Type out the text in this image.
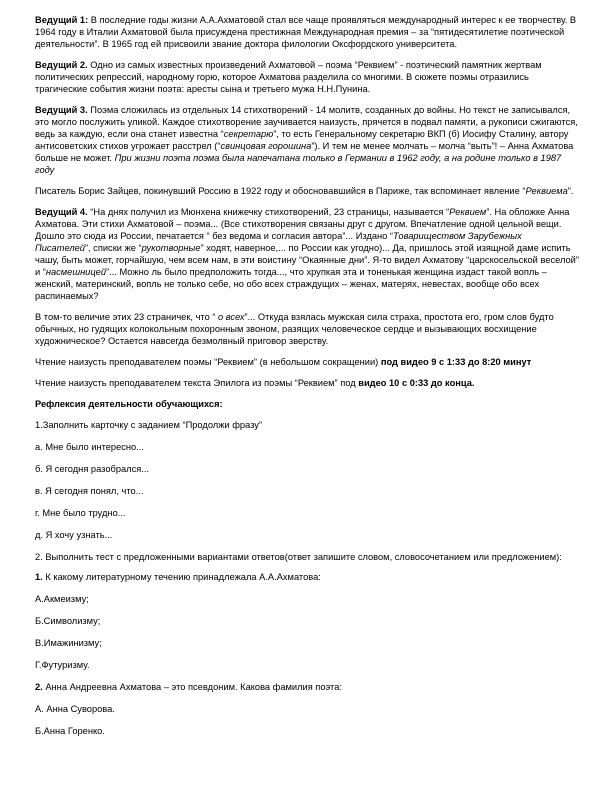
Ведущий 1: В последние годы жизни А.А.Ахматовой стал все чаще проявляться международный интерес к ее творчеству. В 1964 году в Италии Ахматовой была присуждена престижная Международная премия – за “пятидесятилетие поэтической деятельности”. В 1965 год ей присвоили звание доктора филологии Оксфордского университета.

Ведущий 2. Одно из самых известных произведений Ахматовой – поэма “Реквием” - поэтический памятник жертвам политических репрессий, народному горю, которое Ахматова разделила со многими. В сюжете поэмы отразились трагические события жизни поэта: аресты сына и третьего мужа Н.Н.Пунина.

Ведущий 3. Поэма сложилась из отдельных 14 стихотворений - 14 молитв, созданных до войны. Но текст не записывался, это могло послужить уликой. Каждое стихотворение заучивается наизусть, прячется в подвал памяти, а рукописи сжигаются, ведь за каждую, если она станет известна “секретарю”, то есть Генеральному секретарю ВКП (б) Иосифу Сталину, автору антисоветских стихов угрожает расстрел (“свинцовая горошина”). И тем не менее молчать – молча “выть”! – Анна Ахматова больше не может. При жизни поэта поэма была напечатана только в Германии в 1962 году, а на родине только в 1987 году

Писатель Борис Зайцев, покинувший Россию в 1922 году и обосновавшийся в Париже, так вспоминает явление “Реквиема”.

Ведущий 4. “На днях получил из Мюнхена книжечку стихотворений, 23 страницы, называется “Реквием”. На обложке Анна Ахматова. Эти стихи Ахматовой – поэма... (Все стихотворения связаны друг с другом. Впечатление одной цельной вещи. Дошло это сюда из России, печатается “ без ведома и согласия автора”... Издано “Товариществом Зарубежных Писателей”, списки же “рукотворные” ходят, наверное,... по России как угодно)... Да, пришлось этой изящной даме испить чашу, быть может, горчайшую, чем всем нам, в эти воистину “Окаянные дни”. Я-то видел Ахматову “царскосельской веселой” и “насмешницей”... Можно ль было предположить тогда..., что хрупкая эта и тоненькая женщина издаст такой вопль – женский, материнский, вопль не только себе, но обо всех страждущих – женах, матерях, невестах, вообще обо всех распинаемых?

В том-то величие этих 23 страничек, что “ о всех”... Откуда взялась мужская сила страха, простота его, гром слов будто обычных, но гудящих колокольным похоронным звоном, разящих человеческое сердце и вызывающих восхищение художническое? Остается навсегда безмолвный приговор зверству.

Чтение наизусть преподавателем поэмы “Реквием” (в небольшом сокращении) под видео 9 с 1:33 до 8:20 минут

Чтение наизусть преподавателем текста Эпилога из поэмы “Реквием” под видео 10 с 0:33 до конца.

Рефлексия деятельности обучающихся:

1.Заполнить карточку с заданием “Продолжи фразу”

а. Мне было интересно...

б. Я сегодня разобрался...

в. Я сегодня понял, что...

г. Мне было трудно...

д. Я хочу узнать...

2. Выполнить тест с предложенными вариантами ответов(ответ запишите словом, словосочетанием или предложением):

1. К какому литературному течению принадлежала А.А.Ахматова:

А.Акмеизму;

Б.Символизму;

В.Имажинизму;

Г.Футуризму.

2. Анна Андреевна Ахматова – это псевдоним. Какова фамилия поэта:

А. Анна Суворова.

Б.Анна Горенко.
